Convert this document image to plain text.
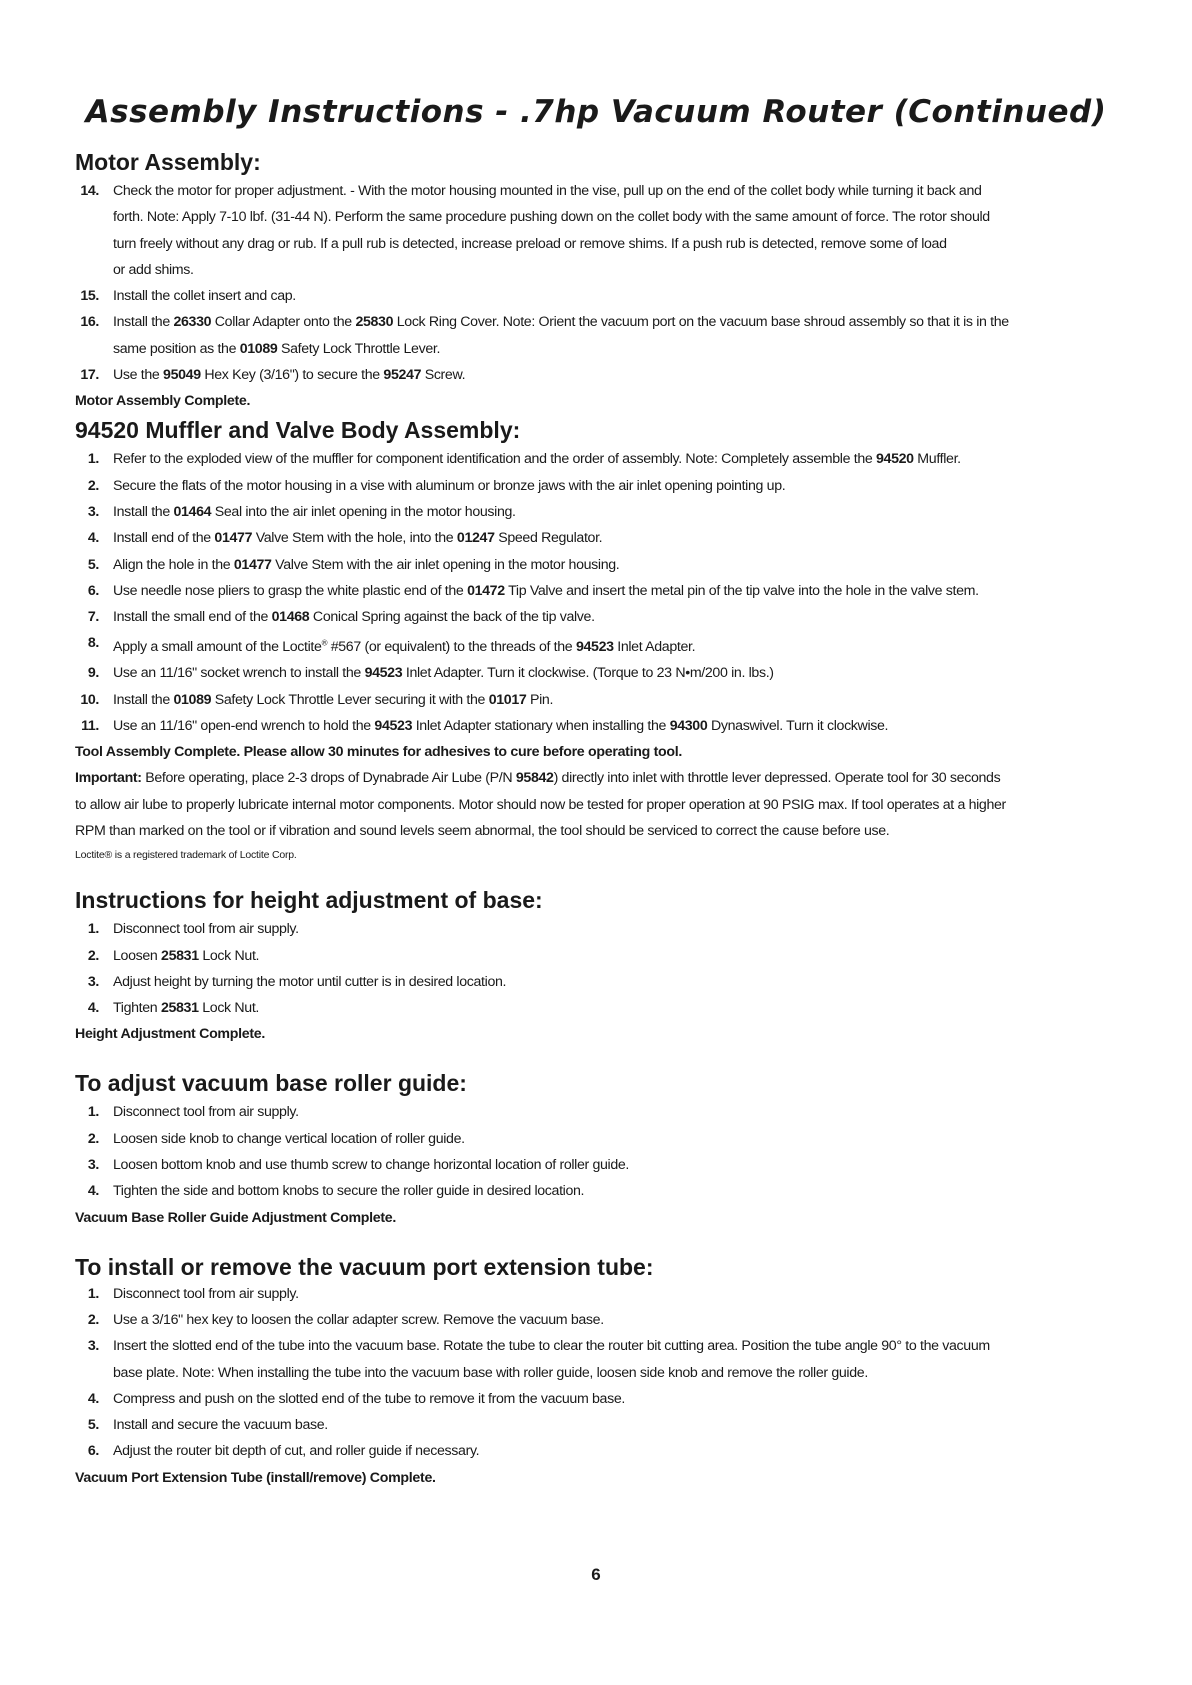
Assembly Instructions - .7hp Vacuum Router (Continued)
Motor Assembly:
14. Check the motor for proper adjustment. - With the motor housing mounted in the vise, pull up on the end of the collet body while turning it back and
forth. Note: Apply 7-10 lbf. (31-44 N). Perform the same procedure pushing down on the collet body with the same amount of force. The rotor should
turn freely without any drag or rub. If a pull rub is detected, increase preload or remove shims. If a push rub is detected, remove some of load
or add shims.
15. Install the collet insert and cap.
16. Install the 26330 Collar Adapter onto the 25830 Lock Ring Cover. Note: Orient the vacuum port on the vacuum base shroud assembly so that it is in the
same position as the 01089 Safety Lock Throttle Lever.
17. Use the 95049 Hex Key (3/16") to secure the 95247 Screw.
Motor Assembly Complete.
94520 Muffler and Valve Body Assembly:
1. Refer to the exploded view of the muffler for component identification and the order of assembly. Note: Completely assemble the 94520 Muffler.
2. Secure the flats of the motor housing in a vise with aluminum or bronze jaws with the air inlet opening pointing up.
3. Install the 01464 Seal into the air inlet opening in the motor housing.
4. Install end of the 01477 Valve Stem with the hole, into the 01247 Speed Regulator.
5. Align the hole in the 01477 Valve Stem with the air inlet opening in the motor housing.
6. Use needle nose pliers to grasp the white plastic end of the 01472 Tip Valve and insert the metal pin of the tip valve into the hole in the valve stem.
7. Install the small end of the 01468 Conical Spring against the back of the tip valve.
8. Apply a small amount of the Loctite® #567 (or equivalent) to the threads of the 94523 Inlet Adapter.
9. Use an 11/16" socket wrench to install the 94523 Inlet Adapter. Turn it clockwise. (Torque to 23 N•m/200 in. lbs.)
10. Install the 01089 Safety Lock Throttle Lever securing it with the 01017 Pin.
11. Use an 11/16" open-end wrench to hold the 94523 Inlet Adapter stationary when installing the 94300 Dynaswivel. Turn it clockwise.
Tool Assembly Complete. Please allow 30 minutes for adhesives to cure before operating tool.
Important: Before operating, place 2-3 drops of Dynabrade Air Lube (P/N 95842) directly into inlet with throttle lever depressed. Operate tool for 30 seconds
to allow air lube to properly lubricate internal motor components. Motor should now be tested for proper operation at 90 PSIG max. If tool operates at a higher
RPM than marked on the tool or if vibration and sound levels seem abnormal, the tool should be serviced to correct the cause before use.
Loctite® is a registered trademark of Loctite Corp.
Instructions for height adjustment of base:
1. Disconnect tool from air supply.
2. Loosen 25831 Lock Nut.
3. Adjust height by turning the motor until cutter is in desired location.
4. Tighten 25831 Lock Nut.
Height Adjustment Complete.
To adjust vacuum base roller guide:
1. Disconnect tool from air supply.
2. Loosen side knob to change vertical location of roller guide.
3. Loosen bottom knob and use thumb screw to change horizontal location of roller guide.
4. Tighten the side and bottom knobs to secure the roller guide in desired location.
Vacuum Base Roller Guide Adjustment Complete.
To install or remove the vacuum port extension tube:
1. Disconnect tool from air supply.
2. Use a 3/16" hex key to loosen the collar adapter screw. Remove the vacuum base.
3. Insert the slotted end of the tube into the vacuum base. Rotate the tube to clear the router bit cutting area. Position the tube angle 90° to the vacuum
base plate. Note: When installing the tube into the vacuum base with roller guide, loosen side knob and remove the roller guide.
4. Compress and push on the slotted end of the tube to remove it from the vacuum base.
5. Install and secure the vacuum base.
6. Adjust the router bit depth of cut, and roller guide if necessary.
Vacuum Port Extension Tube (install/remove) Complete.
6
